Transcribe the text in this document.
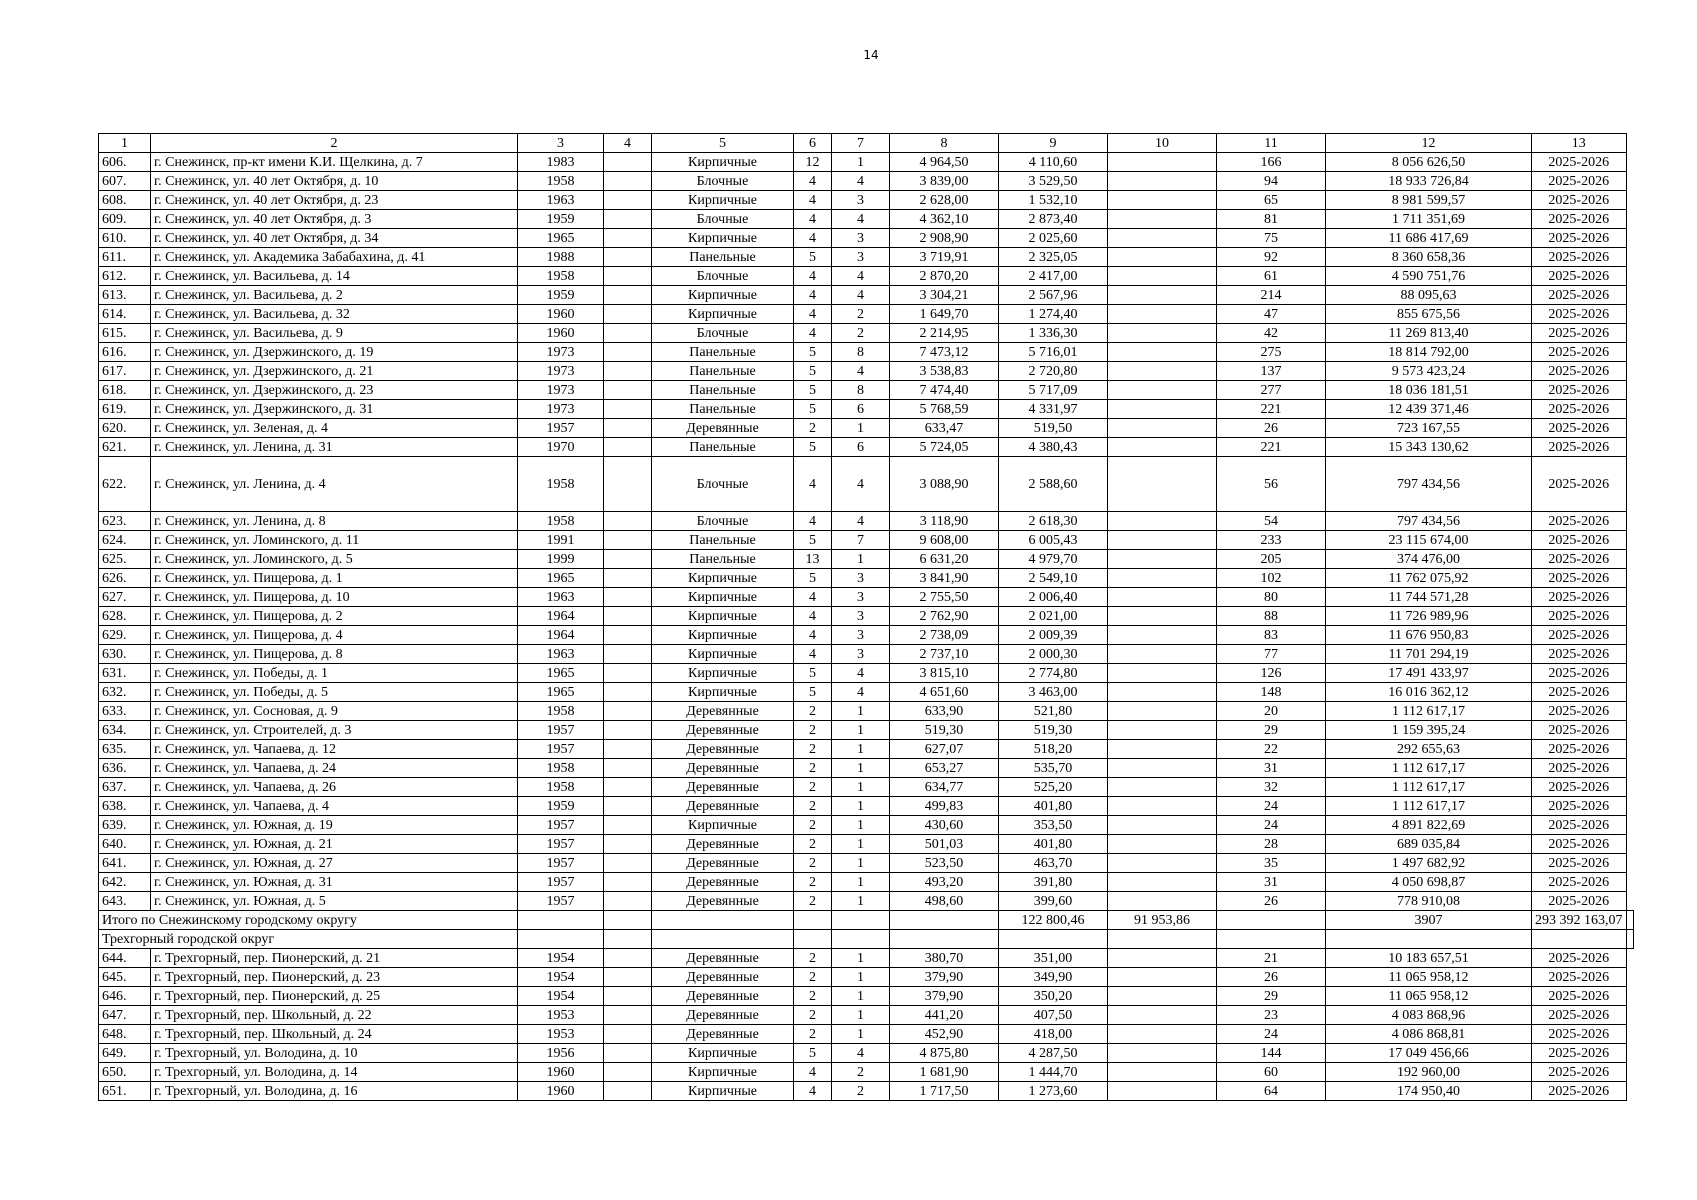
14
1	2	3	4	5	6	7	8	9	10	11	12	13	
606.	г. Снежинск, пр-кт имени К.И. Щелкина, д. 7	1983		Кирпичные	12	1	4 964,50	4 110,60		166	8 056 626,50	2025-2026	
607.	г. Снежинск, ул. 40 лет Октября, д. 10	1958		Блочные	4	4	3 839,00	3 529,50		94	18 933 726,84	2025-2026	
608.	г. Снежинск, ул. 40 лет Октября, д. 23	1963		Кирпичные	4	3	2 628,00	1 532,10		65	8 981 599,57	2025-2026	
609.	г. Снежинск, ул. 40 лет Октября, д. 3	1959		Блочные	4	4	4 362,10	2 873,40		81	1 711 351,69	2025-2026	
610.	г. Снежинск, ул. 40 лет Октября, д. 34	1965		Кирпичные	4	3	2 908,90	2 025,60		75	11 686 417,69	2025-2026	
611.	г. Снежинск, ул. Академика Забабахина, д. 41	1988		Панельные	5	3	3 719,91	2 325,05		92	8 360 658,36	2025-2026	
612.	г. Снежинск, ул. Васильева, д. 14	1958		Блочные	4	4	2 870,20	2 417,00		61	4 590 751,76	2025-2026	
613.	г. Снежинск, ул. Васильева, д. 2	1959		Кирпичные	4	4	3 304,21	2 567,96		214	88 095,63	2025-2026	
614.	г. Снежинск, ул. Васильева, д. 32	1960		Кирпичные	4	2	1 649,70	1 274,40		47	855 675,56	2025-2026	
615.	г. Снежинск, ул. Васильева, д. 9	1960		Блочные	4	2	2 214,95	1 336,30		42	11 269 813,40	2025-2026	
616.	г. Снежинск, ул. Дзержинского, д. 19	1973		Панельные	5	8	7 473,12	5 716,01		275	18 814 792,00	2025-2026	
617.	г. Снежинск, ул. Дзержинского, д. 21	1973		Панельные	5	4	3 538,83	2 720,80		137	9 573 423,24	2025-2026	
618.	г. Снежинск, ул. Дзержинского, д. 23	1973		Панельные	5	8	7 474,40	5 717,09		277	18 036 181,51	2025-2026	
619.	г. Снежинск, ул. Дзержинского, д. 31	1973		Панельные	5	6	5 768,59	4 331,97		221	12 439 371,46	2025-2026	
620.	г. Снежинск, ул. Зеленая, д. 4	1957		Деревянные	2	1	633,47	519,50		26	723 167,55	2025-2026	
621.	г. Снежинск, ул. Ленина, д. 31	1970		Панельные	5	6	5 724,05	4 380,43		221	15 343 130,62	2025-2026	
622.	г. Снежинск, ул. Ленина, д. 4	1958		Блочные	4	4	3 088,90	2 588,60		56	797 434,56	2025-2026	
623.	г. Снежинск, ул. Ленина, д. 8	1958		Блочные	4	4	3 118,90	2 618,30		54	797 434,56	2025-2026	
624.	г. Снежинск, ул. Ломинского, д. 11	1991		Панельные	5	7	9 608,00	6 005,43		233	23 115 674,00	2025-2026	
625.	г. Снежинск, ул. Ломинского, д. 5	1999		Панельные	13	1	6 631,20	4 979,70		205	374 476,00	2025-2026	
626.	г. Снежинск, ул. Пищерова, д. 1	1965		Кирпичные	5	3	3 841,90	2 549,10		102	11 762 075,92	2025-2026	
627.	г. Снежинск, ул. Пищерова, д. 10	1963		Кирпичные	4	3	2 755,50	2 006,40		80	11 744 571,28	2025-2026	
628.	г. Снежинск, ул. Пищерова, д. 2	1964		Кирпичные	4	3	2 762,90	2 021,00		88	11 726 989,96	2025-2026	
629.	г. Снежинск, ул. Пищерова, д. 4	1964		Кирпичные	4	3	2 738,09	2 009,39		83	11 676 950,83	2025-2026	
630.	г. Снежинск, ул. Пищерова, д. 8	1963		Кирпичные	4	3	2 737,10	2 000,30		77	11 701 294,19	2025-2026	
631.	г. Снежинск, ул. Победы, д. 1	1965		Кирпичные	5	4	3 815,10	2 774,80		126	17 491 433,97	2025-2026	
632.	г. Снежинск, ул. Победы, д. 5	1965		Кирпичные	5	4	4 651,60	3 463,00		148	16 016 362,12	2025-2026	
633.	г. Снежинск, ул. Сосновая, д. 9	1958		Деревянные	2	1	633,90	521,80		20	1 112 617,17	2025-2026	
634.	г. Снежинск, ул. Строителей, д. 3	1957		Деревянные	2	1	519,30	519,30		29	1 159 395,24	2025-2026	
635.	г. Снежинск, ул. Чапаева, д. 12	1957		Деревянные	2	1	627,07	518,20		22	292 655,63	2025-2026	
636.	г. Снежинск, ул. Чапаева, д. 24	1958		Деревянные	2	1	653,27	535,70		31	1 112 617,17	2025-2026	
637.	г. Снежинск, ул. Чапаева, д. 26	1958		Деревянные	2	1	634,77	525,20		32	1 112 617,17	2025-2026	
638.	г. Снежинск, ул. Чапаева, д. 4	1959		Деревянные	2	1	499,83	401,80		24	1 112 617,17	2025-2026	
639.	г. Снежинск, ул. Южная, д. 19	1957		Кирпичные	2	1	430,60	353,50		24	4 891 822,69	2025-2026	
640.	г. Снежинск, ул. Южная, д. 21	1957		Деревянные	2	1	501,03	401,80		28	689 035,84	2025-2026	
641.	г. Снежинск, ул. Южная, д. 27	1957		Деревянные	2	1	523,50	463,70		35	1 497 682,92	2025-2026	
642.	г. Снежинск, ул. Южная, д. 31	1957		Деревянные	2	1	493,20	391,80		31	4 050 698,87	2025-2026	
643.	г. Снежинск, ул. Южная, д. 5	1957		Деревянные	2	1	498,60	399,60		26	778 910,08	2025-2026	
Итого по Снежинскому городскому округу								122 800,46	91 953,86		3907	293 392 163,07	
Трехгорный городской округ													
644.	г. Трехгорный, пер. Пионерский, д. 21	1954		Деревянные	2	1	380,70	351,00		21	10 183 657,51	2025-2026	
645.	г. Трехгорный, пер. Пионерский, д. 23	1954		Деревянные	2	1	379,90	349,90		26	11 065 958,12	2025-2026	
646.	г. Трехгорный, пер. Пионерский, д. 25	1954		Деревянные	2	1	379,90	350,20		29	11 065 958,12	2025-2026	
647.	г. Трехгорный, пер. Школьный, д. 22	1953		Деревянные	2	1	441,20	407,50		23	4 083 868,96	2025-2026	
648.	г. Трехгорный, пер. Школьный, д. 24	1953		Деревянные	2	1	452,90	418,00		24	4 086 868,81	2025-2026	
649.	г. Трехгорный, ул. Володина, д. 10	1956		Кирпичные	5	4	4 875,80	4 287,50		144	17 049 456,66	2025-2026	
650.	г. Трехгорный, ул. Володина, д. 14	1960		Кирпичные	4	2	1 681,90	1 444,70		60	192 960,00	2025-2026	
651.	г. Трехгорный, ул. Володина, д. 16	1960		Кирпичные	4	2	1 717,50	1 273,60		64	174 950,40	2025-2026	
